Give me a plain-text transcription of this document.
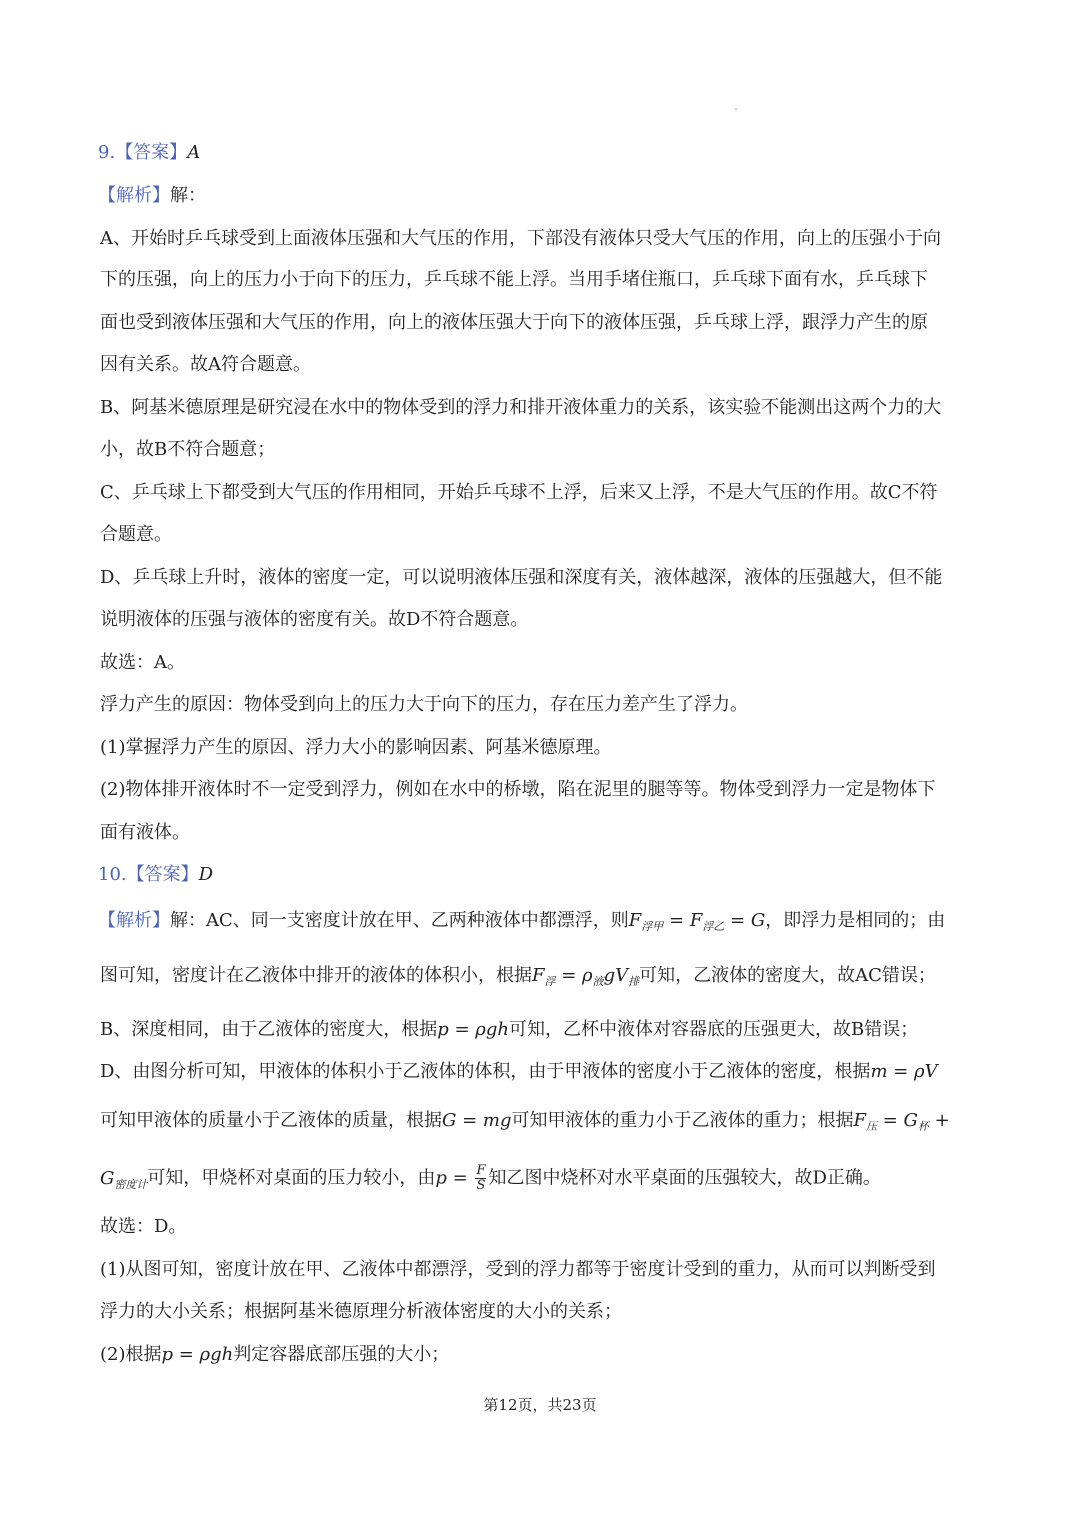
9.【答案】A
【解析】解：
A、开始时乒乓球受到上面液体压强和大气压的作用，下部没有液体只受大气压的作用，向上的压强小于向
下的压强，向上的压力小于向下的压力，乒乓球不能上浮。当用手堵住瓶口，乒乓球下面有水，乒乓球下
面也受到液体压强和大气压的作用，向上的液体压强大于向下的液体压强，乒乓球上浮，跟浮力产生的原
因有关系。故A符合题意。
B、阿基米德原理是研究浸在水中的物体受到的浮力和排开液体重力的关系，该实验不能测出这两个力的大
小，故B不符合题意；
C、乒乓球上下都受到大气压的作用相同，开始乒乓球不上浮，后来又上浮，不是大气压的作用。故C不符
合题意。
D、乒乓球上升时，液体的密度一定，可以说明液体压强和深度有关，液体越深，液体的压强越大，但不能
说明液体的压强与液体的密度有关。故D不符合题意。
故选：A。
浮力产生的原因：物体受到向上的压力大于向下的压力，存在压力差产生了浮力。
(1)掌握浮力产生的原因、浮力大小的影响因素、阿基米德原理。
(2)物体排开液体时不一定受到浮力，例如在水中的桥墩，陷在泥里的腿等等。物体受到浮力一定是物体下
面有液体。
10.【答案】D
【解析】解：AC、同一支密度计放在甲、乙两种液体中都漂浮，则$F_{浮甲} = F_{浮乙} = G$，即浮力是相同的；由
图可知，密度计在乙液体中排开的液体的体积小，根据$F_浮 = \rho_液gV_排$可知，乙液体的密度大，故AC错误；
B、深度相同，由于乙液体的密度大，根据p = ρgh可知，乙杯中液体对容器底的压强更大，故B错误；
D、由图分析可知，甲液体的体积小于乙液体的体积，由于甲液体的密度小于乙液体的密度，根据m = ρV
可知甲液体的质量小于乙液体的质量，根据G = mg可知甲液体的重力小于乙液体的重力；根据$F_压 = G_杯$ +
$G_{密度计}$可知，甲烧杯对桌面的压力较小，由$p = \frac{F}{S}$ 知乙图中烧杯对水平桌面的压强较大，故D正确。
故选：D。
(1)从图可知，密度计放在甲、乙液体中都漂浮，受到的浮力都等于密度计受到的重力，从而可以判断受到
浮力的大小关系；根据阿基米德原理分析液体密度的大小的关系；
(2)根据p = ρgh判定容器底部压强的大小；
第12页，共23页
